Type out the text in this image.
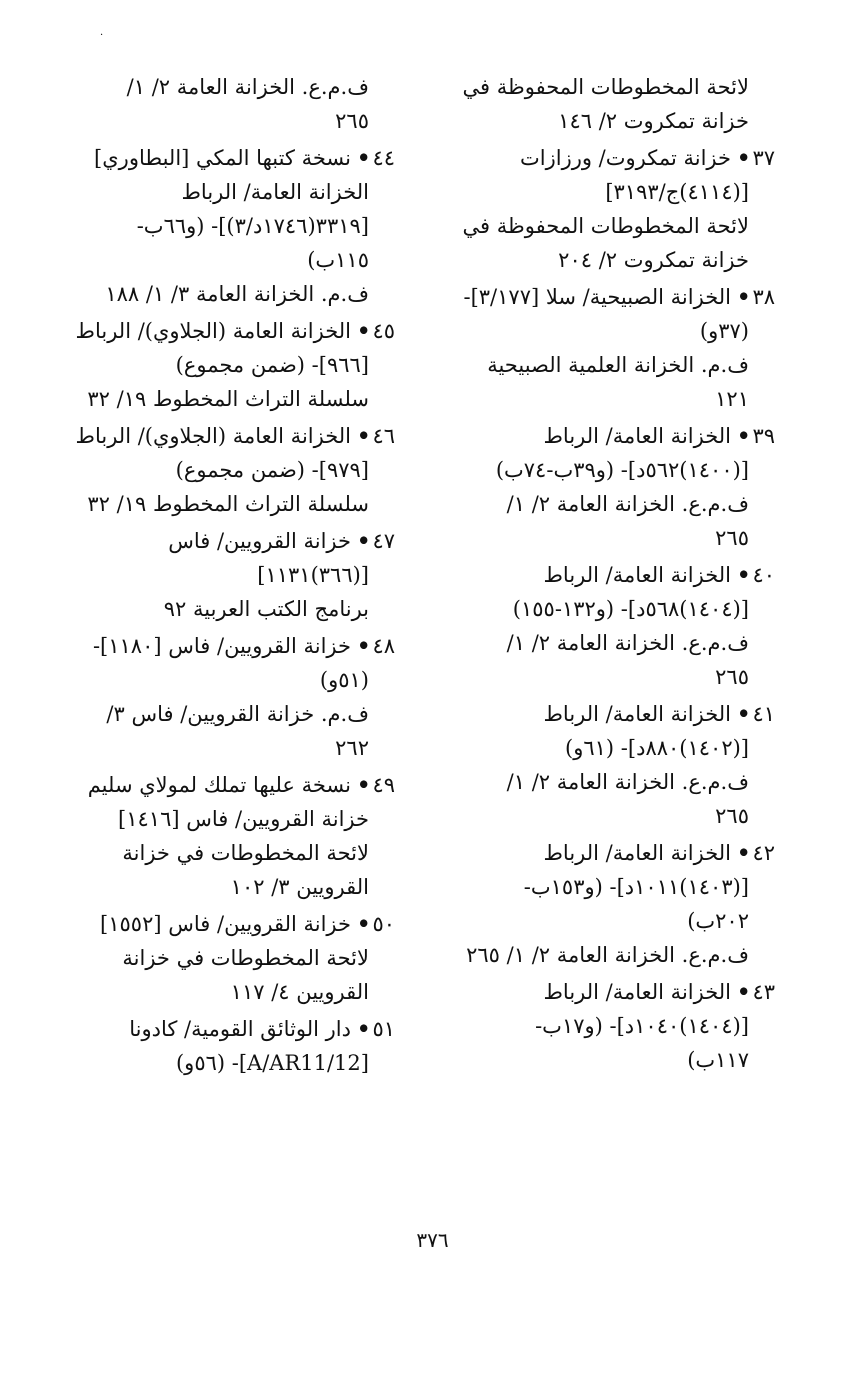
·
لائحة المخطوطات المحفوظة في
خزانة تمكروت ٢/ ١٤٦
٣٧•خزانة تمكروت/ ورزازات
[(٤١١٤)ج/٣١٩٣]
لائحة المخطوطات المحفوظة في
خزانة تمكروت ٢/ ٢٠٤
٣٨•الخزانة الصبيحية/ سلا [٣/١٧٧]-
(٣٧و)
ف.م. الخزانة العلمية الصبيحية
١٢١
٣٩•الخزانة العامة/ الرباط
[(١٤٠٠)٥٦٢د]- (و٣٩ب-٧٤ب)
ف.م.ع. الخزانة العامة ٢/ ١/
٢٦٥
٤٠•الخزانة العامة/ الرباط
[(١٤٠٤)٥٦٨د]- (و١٣٢-١٥٥)
ف.م.ع. الخزانة العامة ٢/ ١/
٢٦٥
٤١•الخزانة العامة/ الرباط
[(١٤٠٢)٨٨٠د]- (٦١و)
ف.م.ع. الخزانة العامة ٢/ ١/
٢٦٥
٤٢•الخزانة العامة/ الرباط
[(١٤٠٣)١٠١١د]- (و١٥٣ب-
٢٠٢ب)
ف.م.ع. الخزانة العامة ٢/ ١/ ٢٦٥
٤٣•الخزانة العامة/ الرباط
[(١٤٠٤)١٠٤٠د]- (و١٧ب-
١١٧ب)
ف.م.ع. الخزانة العامة ٢/ ١/
٢٦٥
٤٤•نسخة كتبها المكي [البطاوري]
الخزانة العامة/ الرباط
[٣٣١٩(١٧٤٦د/٣)]- (و٦٦ب-
١١٥ب)
ف.م. الخزانة العامة ٣/ ١/ ١٨٨
٤٥•الخزانة العامة (الجلاوي)/ الرباط
[٩٦٦]- (ضمن مجموع)
سلسلة التراث المخطوط ١٩/ ٣٢
٤٦•الخزانة العامة (الجلاوي)/ الرباط
[٩٧٩]- (ضمن مجموع)
سلسلة التراث المخطوط ١٩/ ٣٢
٤٧•خزانة القرويين/ فاس
[(٣٦٦)١١٣١]
برنامج الكتب العربية ٩٢
٤٨•خزانة القرويين/ فاس [١١٨٠]-
(٥١و)
ف.م. خزانة القرويين/ فاس ٣/
٢٦٢
٤٩•نسخة عليها تملك لمولاي سليم
خزانة القرويين/ فاس [١٤١٦]
لائحة المخطوطات في خزانة
القرويين ٣/ ١٠٢
٥٠•خزانة القرويين/ فاس [١٥٥٢]
لائحة المخطوطات في خزانة
القرويين ٤/ ١١٧
٥١•دار الوثائق القومية/ كادونا
[A/AR11/12]- (٥٦و)
٣٧٦
